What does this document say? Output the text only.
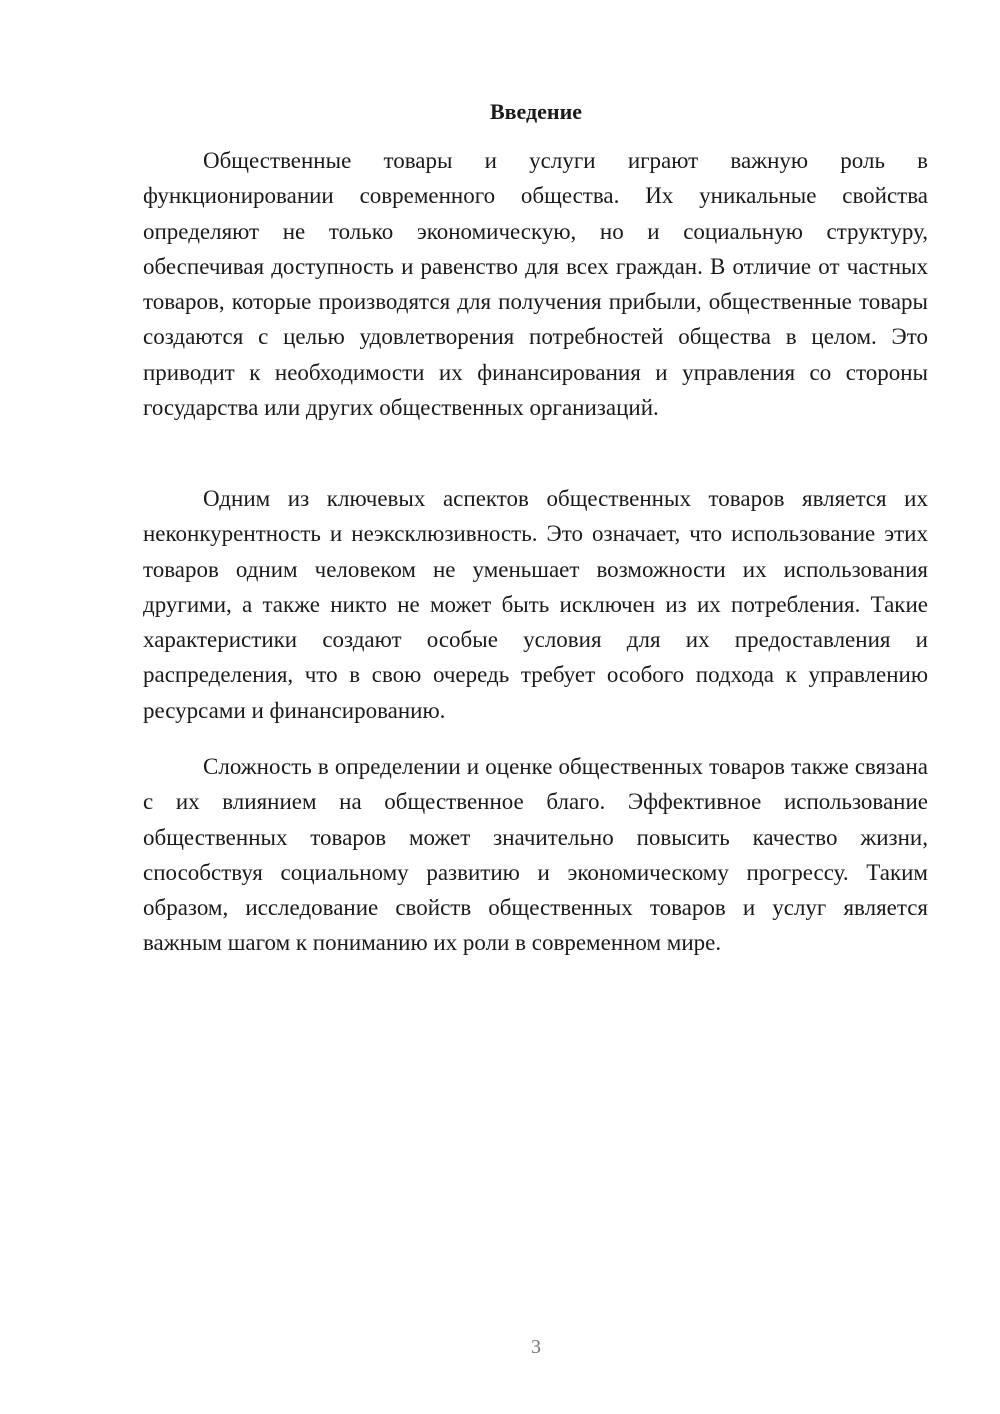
Введение

Общественные товары и услуги играют важную роль в функционировании современного общества. Их уникальные свойства определяют не только экономическую, но и социальную структуру, обеспечивая доступность и равенство для всех граждан. В отличие от частных товаров, которые производятся для получения прибыли, общественные товары создаются с целью удовлетворения потребностей общества в целом. Это приводит к необходимости их финансирования и управления со стороны государства или других общественных организаций.

Одним из ключевых аспектов общественных товаров является их неконкурентность и неэксклюзивность. Это означает, что использование этих товаров одним человеком не уменьшает возможности их использования другими, а также никто не может быть исключен из их потребления. Такие характеристики создают особые условия для их предоставления и распределения, что в свою очередь требует особого подхода к управлению ресурсами и финансированию.

Сложность в определении и оценке общественных товаров также связана с их влиянием на общественное благо. Эффективное использование общественных товаров может значительно повысить качество жизни, способствуя социальному развитию и экономическому прогрессу. Таким образом, исследование свойств общественных товаров и услуг является важным шагом к пониманию их роли в современном мире.

3
